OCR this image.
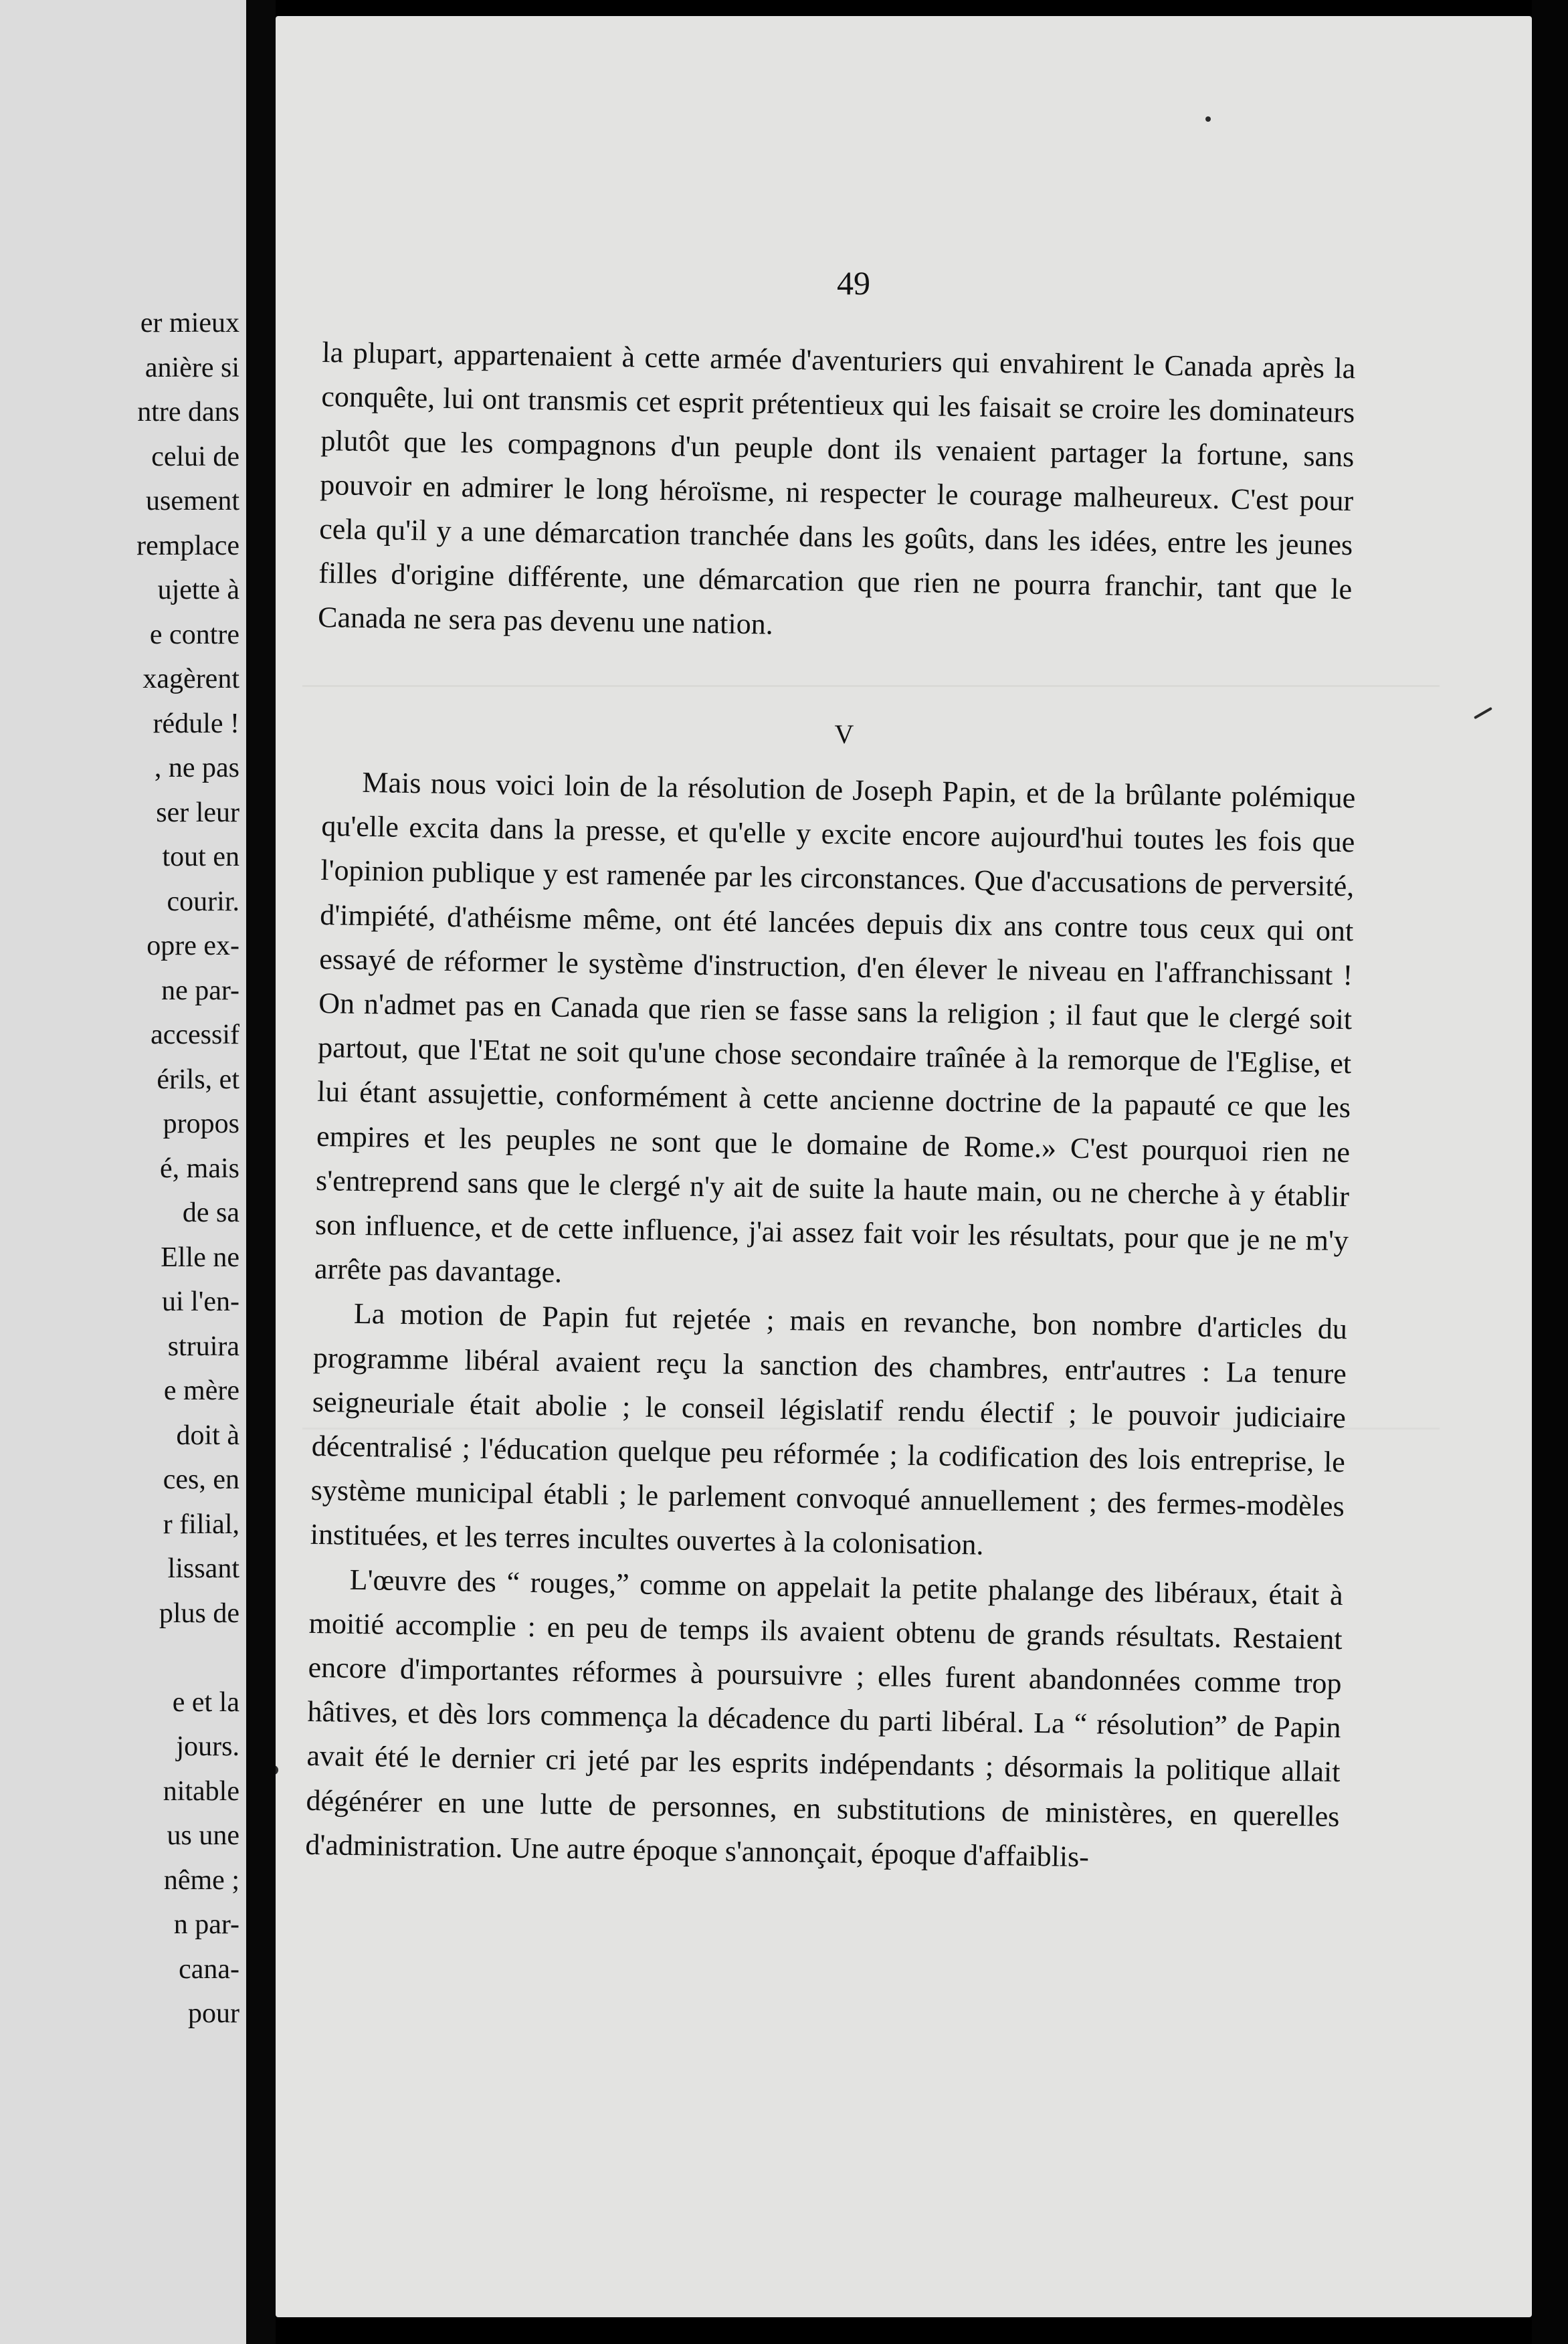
er mieux
anière si
ntre dans
celui de
usement
remplace
ujette à
e contre
xagèrent
rédule !
, ne pas
ser leur
tout en
courir.
opre ex-
ne par-
accessif
érils, et
propos
é, mais
de sa
Elle ne
ui l'en-
struira
e mère
doit à
ces, en
r filial,
lissant
plus de
e et la
jours.
nitable
us une
nême ;
n par-
cana-
pour
49

la plupart, appartenaient à cette armée d'aventuriers qui envahirent le Canada après la conquête, lui ont transmis cet esprit prétentieux qui les faisait se croire les dominateurs plutôt que les compagnons d'un peuple dont ils venaient partager la fortune, sans pouvoir en admirer le long héroïsme, ni respecter le courage malheureux. C'est pour cela qu'il y a une démarcation tranchée dans les goûts, dans les idées, entre les jeunes filles d'origine différente, une démarcation que rien ne pourra franchir, tant que le Canada ne sera pas devenu une nation.

V

Mais nous voici loin de la résolution de Joseph Papin, et de la brûlante polémique qu'elle excita dans la presse, et qu'elle y excite encore aujourd'hui toutes les fois que l'opinion publique y est ramenée par les circonstances. Que d'accusations de perversité, d'impiété, d'athéisme même, ont été lancées depuis dix ans contre tous ceux qui ont essayé de réformer le système d'instruction, d'en élever le niveau en l'affranchissant ! On n'admet pas en Canada que rien se fasse sans la religion ; il faut que le clergé soit partout, que l'Etat ne soit qu'une chose secondaire traînée à la remorque de l'Eglise, et lui étant assujettie, conformément à cette ancienne doctrine de la papauté ce que les empires et les peuples ne sont que le domaine de Rome.» C'est pourquoi rien ne s'entreprend sans que le clergé n'y ait de suite la haute main, ou ne cherche à y établir son influence, et de cette influence, j'ai assez fait voir les résultats, pour que je ne m'y arrête pas davantage.

La motion de Papin fut rejetée ; mais en revanche, bon nombre d'articles du programme libéral avaient reçu la sanction des chambres, entr'autres : La tenure seigneuriale était abolie ; le conseil législatif rendu électif ; le pouvoir judiciaire décentralisé ; l'éducation quelque peu réformée ; la codification des lois entreprise, le système municipal établi ; le parlement convoqué annuellement ; des fermes-modèles instituées, et les terres incultes ouvertes à la colonisation.

L'œuvre des “ rouges,” comme on appelait la petite phalange des libéraux, était à moitié accomplie : en peu de temps ils avaient obtenu de grands résultats. Restaient encore d'importantes réformes à poursuivre ; elles furent abandonnées comme trop hâtives, et dès lors commença la décadence du parti libéral. La “ résolution” de Papin avait été le dernier cri jeté par les esprits indépendants ; désormais la politique allait dégénérer en une lutte de personnes, en substitutions de ministères, en querelles d'administration. Une autre époque s'annonçait, époque d'affaiblis-
